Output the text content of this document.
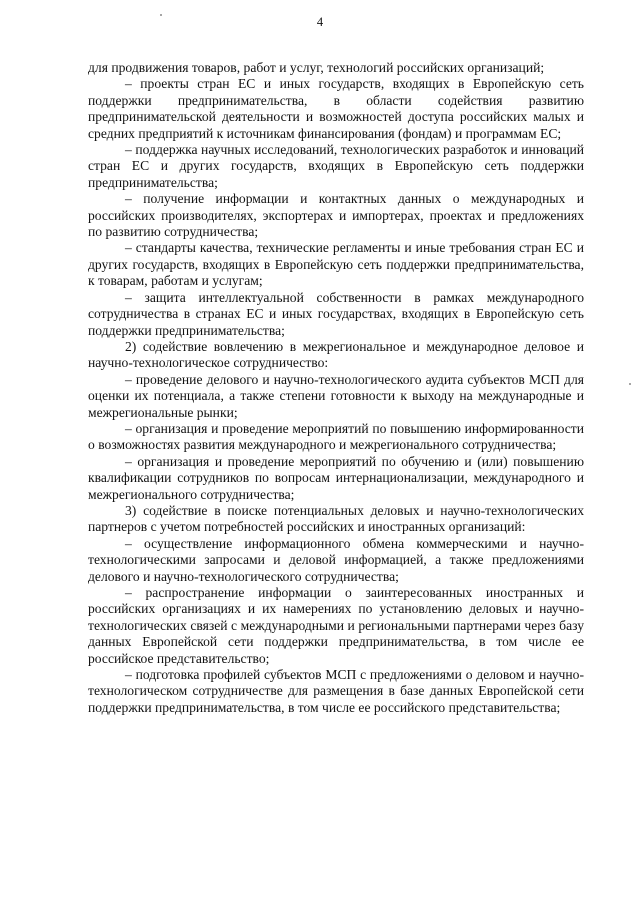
4

для продвижения товаров, работ и услуг, технологий российских организаций;

– проекты стран ЕС и иных государств, входящих в Европейскую сеть поддержки предпринимательства, в области содействия развитию предпринимательской деятельности и возможностей доступа российских малых и средних предприятий к источникам финансирования (фондам) и программам ЕС;

– поддержка научных исследований, технологических разработок и инноваций стран ЕС и других государств, входящих в Европейскую сеть поддержки предпринимательства;

– получение информации и контактных данных о международных и российских производителях, экспортерах и импортерах, проектах и предложениях по развитию сотрудничества;

– стандарты качества, технические регламенты и иные требования стран ЕС и других государств, входящих в Европейскую сеть поддержки предпринимательства, к товарам, работам и услугам;

– защита интеллектуальной собственности в рамках международного сотрудничества в странах ЕС и иных государствах, входящих в Европейскую сеть поддержки предпринимательства;

2) содействие вовлечению в межрегиональное и международное деловое и научно-технологическое сотрудничество:

– проведение делового и научно-технологического аудита субъектов МСП для оценки их потенциала, а также степени готовности к выходу на международные и межрегиональные рынки;

– организация и проведение мероприятий по повышению информированности о возможностях развития международного и межрегионального сотрудничества;

– организация и проведение мероприятий по обучению и (или) повышению квалификации сотрудников по вопросам интернационализации, международного и межрегионального сотрудничества;

3) содействие в поиске потенциальных деловых и научно-технологических партнеров с учетом потребностей российских и иностранных организаций:

– осуществление информационного обмена коммерческими и научно-технологическими запросами и деловой информацией, а также предложениями делового и научно-технологического сотрудничества;

– распространение информации о заинтересованных иностранных и российских организациях и их намерениях по установлению деловых и научно-технологических связей с международными и региональными партнерами через базу данных Европейской сети поддержки предпринимательства, в том числе ее российское представительство;

– подготовка профилей субъектов МСП с предложениями о деловом и научно-технологическом сотрудничестве для размещения в базе данных Европейской сети поддержки предпринимательства, в том числе ее российского представительства;
